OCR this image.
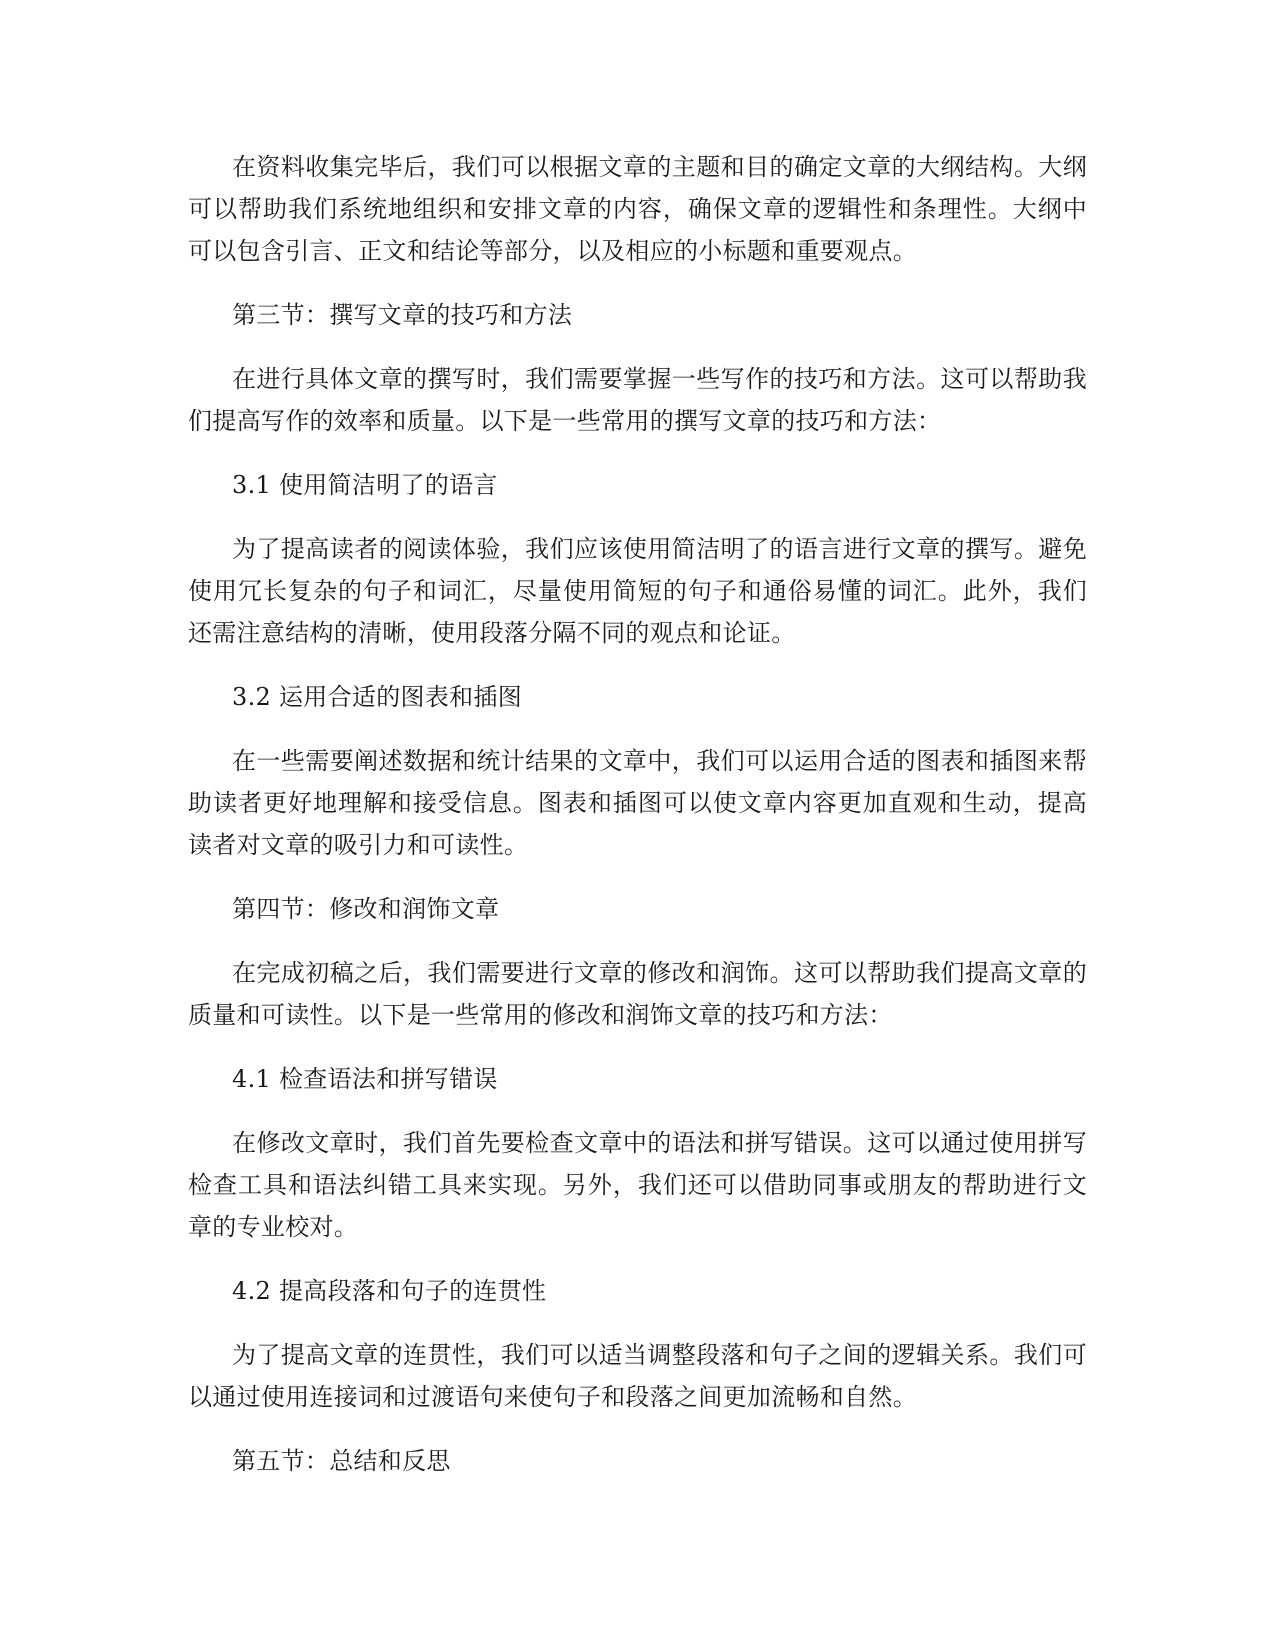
在资料收集完毕后，我们可以根据文章的主题和目的确定文章的大纲结构。大纲可以帮助我们系统地组织和安排文章的内容，确保文章的逻辑性和条理性。大纲中可以包含引言、正文和结论等部分，以及相应的小标题和重要观点。

第三节：撰写文章的技巧和方法

在进行具体文章的撰写时，我们需要掌握一些写作的技巧和方法。这可以帮助我们提高写作的效率和质量。以下是一些常用的撰写文章的技巧和方法：

3.1 使用简洁明了的语言

为了提高读者的阅读体验，我们应该使用简洁明了的语言进行文章的撰写。避免使用冗长复杂的句子和词汇，尽量使用简短的句子和通俗易懂的词汇。此外，我们还需注意结构的清晰，使用段落分隔不同的观点和论证。

3.2 运用合适的图表和插图

在一些需要阐述数据和统计结果的文章中，我们可以运用合适的图表和插图来帮助读者更好地理解和接受信息。图表和插图可以使文章内容更加直观和生动，提高读者对文章的吸引力和可读性。

第四节：修改和润饰文章

在完成初稿之后，我们需要进行文章的修改和润饰。这可以帮助我们提高文章的质量和可读性。以下是一些常用的修改和润饰文章的技巧和方法：

4.1 检查语法和拼写错误

在修改文章时，我们首先要检查文章中的语法和拼写错误。这可以通过使用拼写检查工具和语法纠错工具来实现。另外，我们还可以借助同事或朋友的帮助进行文章的专业校对。

4.2 提高段落和句子的连贯性

为了提高文章的连贯性，我们可以适当调整段落和句子之间的逻辑关系。我们可以通过使用连接词和过渡语句来使句子和段落之间更加流畅和自然。

第五节：总结和反思
